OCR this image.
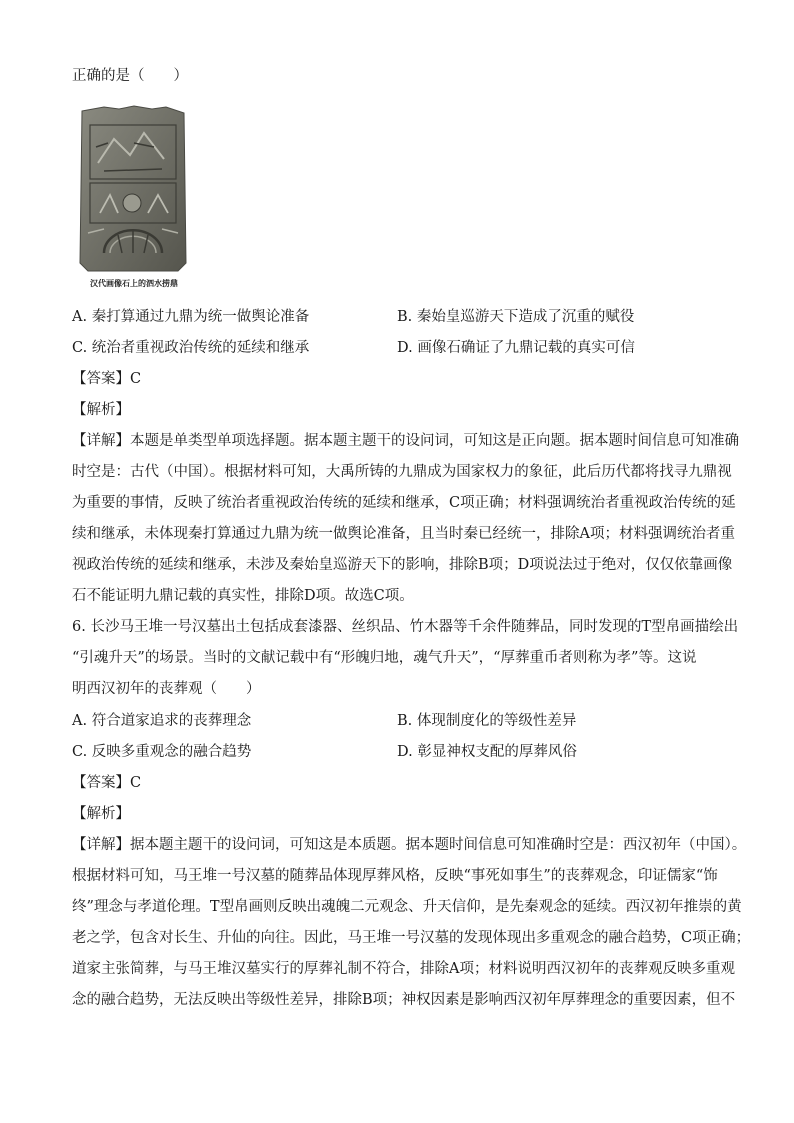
正确的是（　　）
汉代画像石上的泗水捞鼎
A. 秦打算通过九鼎为统一做舆论准备	B. 秦始皇巡游天下造成了沉重的赋役
C. 统治者重视政治传统的延续和继承	D. 画像石确证了九鼎记载的真实可信
【答案】C
【解析】
【详解】本题是单类型单项选择题。据本题主题干的设问词，可知这是正向题。据本题时间信息可知准确
时空是：古代（中国）。根据材料可知，大禹所铸的九鼎成为国家权力的象征，此后历代都将找寻九鼎视
为重要的事情，反映了统治者重视政治传统的延续和继承，C项正确；材料强调统治者重视政治传统的延
续和继承，未体现秦打算通过九鼎为统一做舆论准备，且当时秦已经统一，排除A项；材料强调统治者重
视政治传统的延续和继承，未涉及秦始皇巡游天下的影响，排除B项；D项说法过于绝对，仅仅依靠画像
石不能证明九鼎记载的真实性，排除D项。故选C项。
6. 长沙马王堆一号汉墓出土包括成套漆器、丝织品、竹木器等千余件随葬品，同时发现的T型帛画描绘出
“引魂升天”的场景。当时的文献记载中有“形魄归地，魂气升天”，“厚葬重币者则称为孝”等。这说
明西汉初年的丧葬观（　　）
A. 符合道家追求的丧葬理念	B. 体现制度化的等级性差异
C. 反映多重观念的融合趋势	D. 彰显神权支配的厚葬风俗
【答案】C
【解析】
【详解】据本题主题干的设问词，可知这是本质题。据本题时间信息可知准确时空是：西汉初年（中国）。
根据材料可知，马王堆一号汉墓的随葬品体现厚葬风格，反映“事死如事生”的丧葬观念，印证儒家“饰
终”理念与孝道伦理。T型帛画则反映出魂魄二元观念、升天信仰，是先秦观念的延续。西汉初年推崇的黄
老之学，包含对长生、升仙的向往。因此，马王堆一号汉墓的发现体现出多重观念的融合趋势，C项正确；
道家主张简葬，与马王堆汉墓实行的厚葬礼制不符合，排除A项；材料说明西汉初年的丧葬观反映多重观
念的融合趋势，无法反映出等级性差异，排除B项；神权因素是影响西汉初年厚葬理念的重要因素，但不
